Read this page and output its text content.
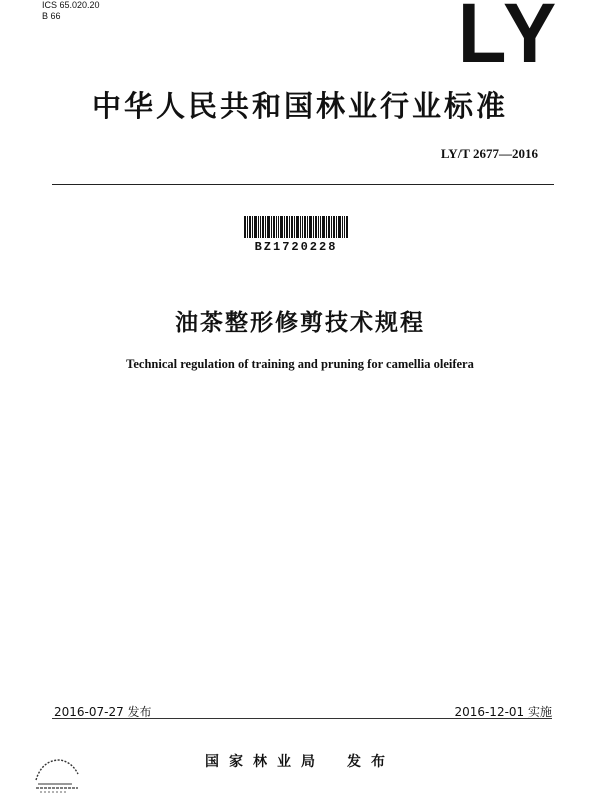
ICS 65.020.20
B 66	LY
中华人民共和国林业行业标准
LY/T 2677—2016
BZ1720228
油茶整形修剪技术规程
Technical regulation of training and pruning for camellia oleifera
2016-07-27 发布	2016-12-01 实施
国家林业局 发布
